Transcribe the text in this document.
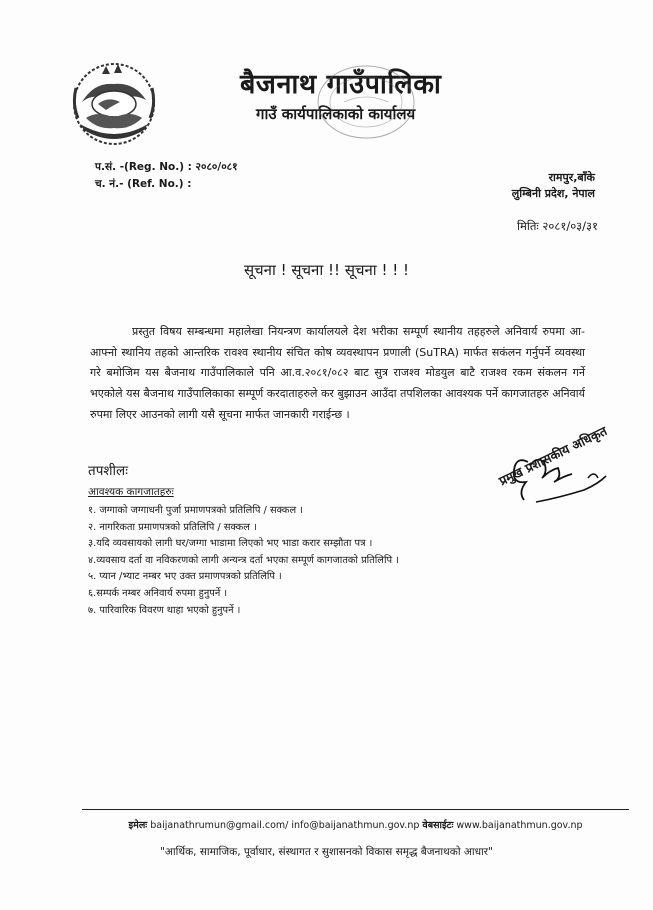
बैजनाथ गाउँपालिका
गाउँ कार्यपालिकाको कार्यालय
प.सं. -(Reg. No.) : २०८०/०८१
च. नं.- (Ref. No.) :	रामपुर,बाँके
लुम्बिनी प्रदेश, नेपाल
मितिः २०८१/०३/३१
सूचना ! सूचना !! सूचना ! ! !
प्रस्तुत विषय सम्बन्धमा महालेखा नियन्त्रण कार्यालयले देश भरीका सम्पूर्ण स्थानीय तहहरुले अनिवार्य रुपमा आ-आफ्नो स्थानिय तहको आन्तरिक रावश्व स्थानीय संचित कोष व्यवस्थापन प्रणाली (SuTRA) मार्फत सकंलन गर्नुपर्ने व्यवस्था गरे बमोजिम यस बैजनाथ गाउँपालिकाले पनि आ.व.२०८१/०८२ बाट सुत्र राजश्व मोडयुल बाटै राजश्व रकम संकलन गर्ने भएकोले यस बैजनाथ गाउँपालिकाका सम्पूर्ण करदाताहरुले कर बुझाउन आउँदा तपशिलका आवश्यक पर्ने कागजातहरु अनिवार्य रुपमा लिएर आउनको लागी यसै सूचना मार्फत जानकारी गराईन्छ ।
तपशीलः
आवश्यक कागजातहरुः
१. जग्गाको जग्गाधनी पुर्जा प्रमाणपत्रको प्रतिलिपि / सक्कल ।
२. नागरिकता प्रमाणपत्रको प्रतिलिपि / सक्कल ।
३.यदि व्यवसायको लागी घर/जग्गा भाडामा लिएको भए भाडा करार सम्झौता पत्र ।
४.व्यवसाय दर्ता वा नविकरणको लागी अन्यन्त्र दर्ता भएका सम्पूर्ण कागजातको प्रतिलिपि ।
५. प्यान /भ्याट नम्बर भए उक्त प्रमाणपत्रको प्रतिलिपि ।
६.सम्पर्क नम्बर अनिवार्य रुपमा हुनुपर्ने ।
७. पारिवारिक विवरण थाहा भएको हुनुपर्ने ।
प्रमुख प्रशासकीय अधिकृत
इमेलः baijanathrumun@gmail.com/ info@baijanathmun.gov.np वेबसाईटः www.baijanathmun.gov.np
"आर्थिक, सामाजिक, पूर्वाधार, संस्थागत र सुशासनको विकास समृद्ध बैजनाथको आधार"
